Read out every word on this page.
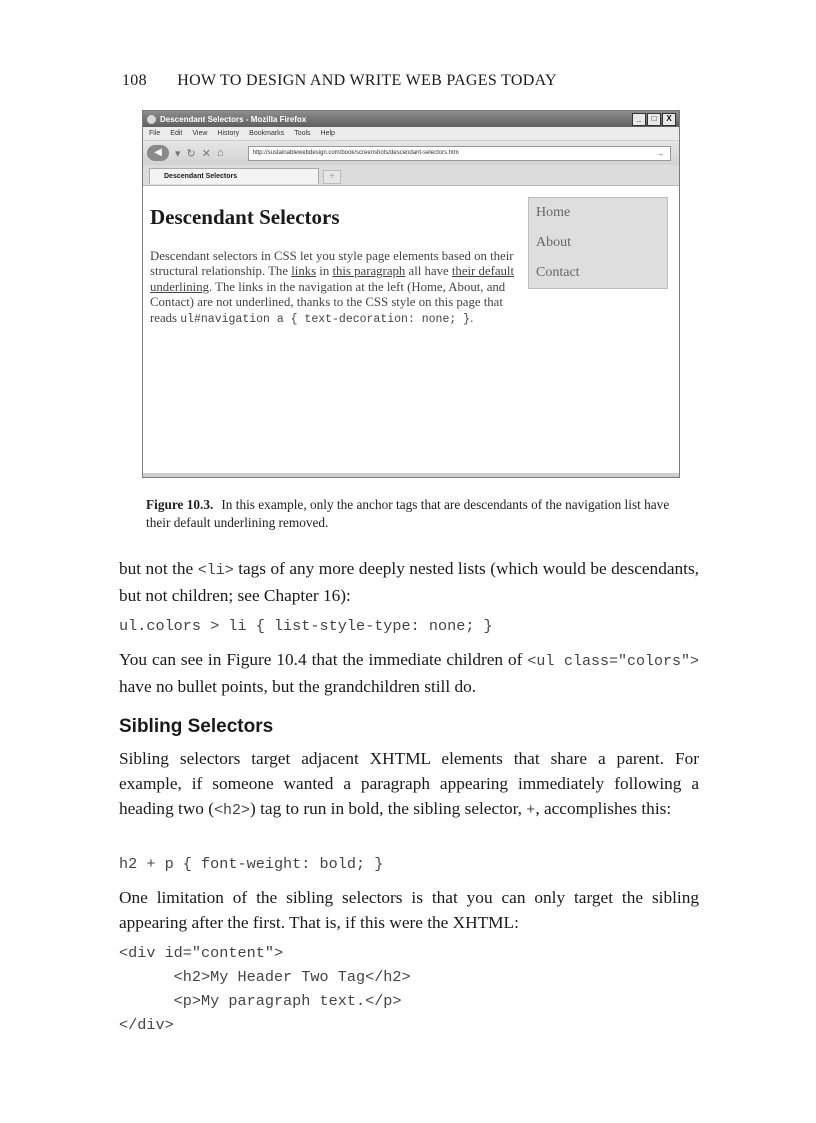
108 HOW TO DESIGN AND WRITE WEB PAGES TODAY
Descendant Selectors - Mozilla Firefox	_	□	X
File Edit View History Bookmarks Tools Help
◀	▾ ↻ ✕ ⌂	http://sustainablewebdesign.com/book/screenshots/descendant-selectors.htm	→
Descendant Selectors	+
Descendant Selectors

Descendant selectors in CSS let you style page elements based on their structural relationship. The links in this paragraph all have their default underlining. The links in the navigation at the left (Home, About, and Contact) are not underlined, thanks to the CSS style on this page that reads ul#navigation a { text-decoration: none; }.

Home
About
Contact

Figure 10.3. In this example, only the anchor tags that are descendants of the navigation list have their default underlining removed.

but not the <li> tags of any more deeply nested lists (which would be descendants, but not children; see Chapter 16):

ul.colors > li { list-style-type: none; }

You can see in Figure 10.4 that the immediate children of <ul class="colors"> have no bullet points, but the grandchildren still do.

Sibling Selectors

Sibling selectors target adjacent XHTML elements that share a parent. For example, if someone wanted a paragraph appearing immediately following a heading two (<h2>) tag to run in bold, the sibling selector, +, accomplishes this:

h2 + p { font-weight: bold; }

One limitation of the sibling selectors is that you can only target the sibling appearing after the first. That is, if this were the XHTML:

<div id="content">
<h2>My Header Two Tag</h2>
<p>My paragraph text.</p>
</div>
